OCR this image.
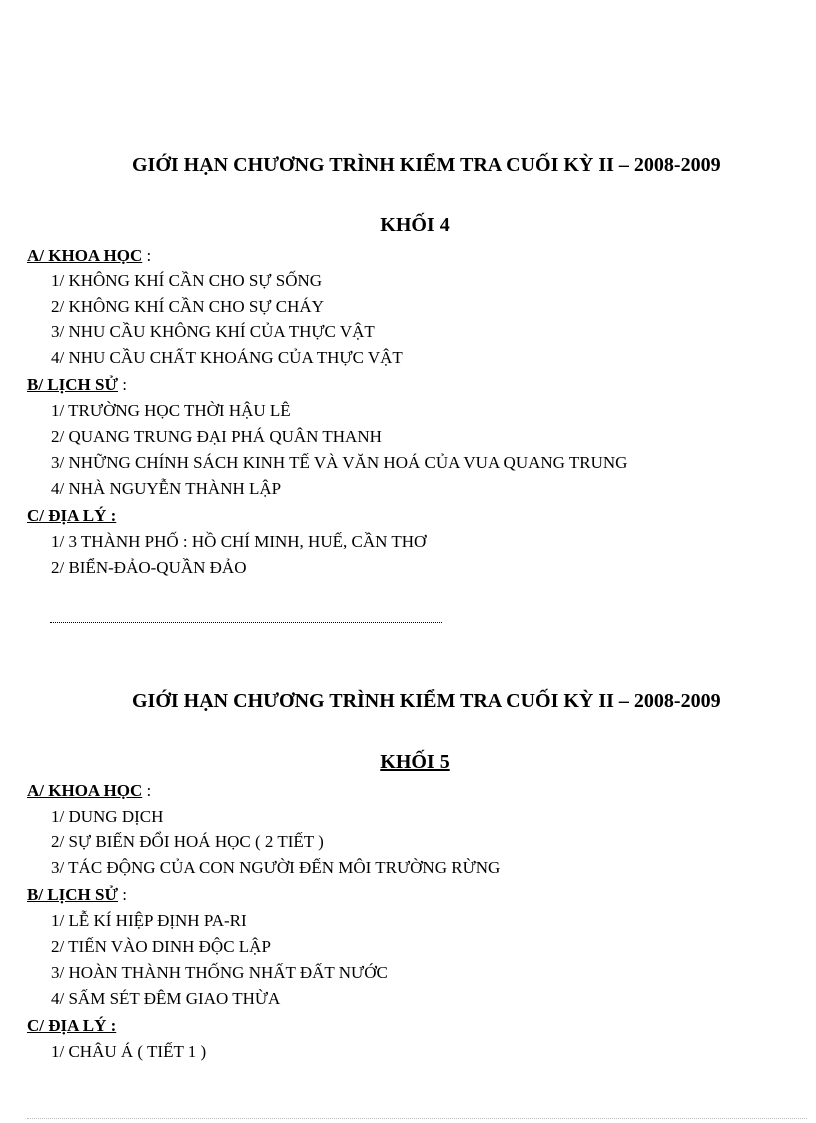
GIỚI HẠN CHƯƠNG TRÌNH KIỂM TRA CUỐI KỲ II – 2008-2009
KHỐI 4
A/ KHOA HỌC :
1/ KHÔNG KHÍ CẦN CHO SỰ SỐNG
2/ KHÔNG KHÍ CẦN CHO SỰ CHÁY
3/ NHU CẦU KHÔNG KHÍ CỦA THỰC VẬT
4/ NHU CẦU CHẤT KHOÁNG CỦA THỰC VẬT
B/ LỊCH SỬ :
1/ TRƯỜNG HỌC THỜI HẬU LÊ
2/ QUANG TRUNG ĐẠI PHÁ QUÂN THANH
3/ NHỮNG CHÍNH SÁCH KINH TẾ VÀ VĂN HOÁ CỦA VUA QUANG TRUNG
4/ NHÀ NGUYỄN THÀNH LẬP
C/ ĐỊA LÝ :
1/ 3 THÀNH PHỐ : HỒ CHÍ MINH, HUẾ, CẦN THƠ
2/ BIỂN-ĐẢO-QUẦN ĐẢO
GIỚI HẠN CHƯƠNG TRÌNH KIỂM TRA CUỐI KỲ II – 2008-2009
KHỐI 5
A/ KHOA HỌC :
1/ DUNG DỊCH
2/ SỰ BIẾN ĐỔI HOÁ HỌC ( 2 TIẾT )
3/ TÁC ĐỘNG CỦA CON NGƯỜI ĐẾN MÔI TRƯỜNG RỪNG
B/ LỊCH SỬ :
1/ LỄ KÍ HIỆP ĐỊNH PA-RI
2/ TIẾN VÀO DINH ĐỘC LẬP
3/ HOÀN THÀNH THỐNG NHẤT ĐẤT NƯỚC
4/ SẤM SÉT ĐÊM GIAO THỪA
C/ ĐỊA LÝ :
1/ CHÂU Á ( TIẾT 1 )
